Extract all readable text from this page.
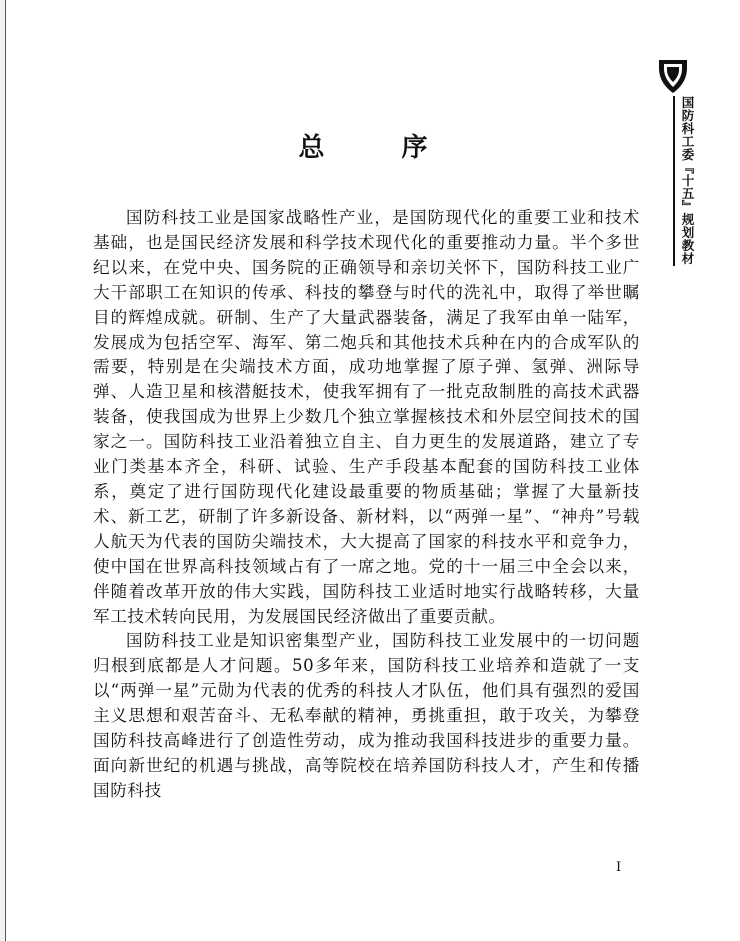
国防科工委『十五』规划教材
总 序

国防科技工业是国家战略性产业，是国防现代化的重要工业和技术基础，也是国民经济发展和科学技术现代化的重要推动力量。半个多世纪以来，在党中央、国务院的正确领导和亲切关怀下，国防科技工业广大干部职工在知识的传承、科技的攀登与时代的洗礼中，取得了举世瞩目的辉煌成就。研制、生产了大量武器装备，满足了我军由单一陆军，发展成为包括空军、海军、第二炮兵和其他技术兵种在内的合成军队的需要，特别是在尖端技术方面，成功地掌握了原子弹、氢弹、洲际导弹、人造卫星和核潜艇技术，使我军拥有了一批克敌制胜的高技术武器装备，使我国成为世界上少数几个独立掌握核技术和外层空间技术的国家之一。国防科技工业沿着独立自主、自力更生的发展道路，建立了专业门类基本齐全，科研、试验、生产手段基本配套的国防科技工业体系，奠定了进行国防现代化建设最重要的物质基础；掌握了大量新技术、新工艺，研制了许多新设备、新材料，以“两弹一星”、“神舟”号载人航天为代表的国防尖端技术，大大提高了国家的科技水平和竞争力，使中国在世界高科技领域占有了一席之地。党的十一届三中全会以来，伴随着改革开放的伟大实践，国防科技工业适时地实行战略转移，大量军工技术转向民用，为发展国民经济做出了重要贡献。

国防科技工业是知识密集型产业，国防科技工业发展中的一切问题归根到底都是人才问题。50多年来，国防科技工业培养和造就了一支以“两弹一星”元勋为代表的优秀的科技人才队伍，他们具有强烈的爱国主义思想和艰苦奋斗、无私奉献的精神，勇挑重担，敢于攻关，为攀登国防科技高峰进行了创造性劳动，成为推动我国科技进步的重要力量。面向新世纪的机遇与挑战，高等院校在培养国防科技人才，产生和传播国防科技

I
